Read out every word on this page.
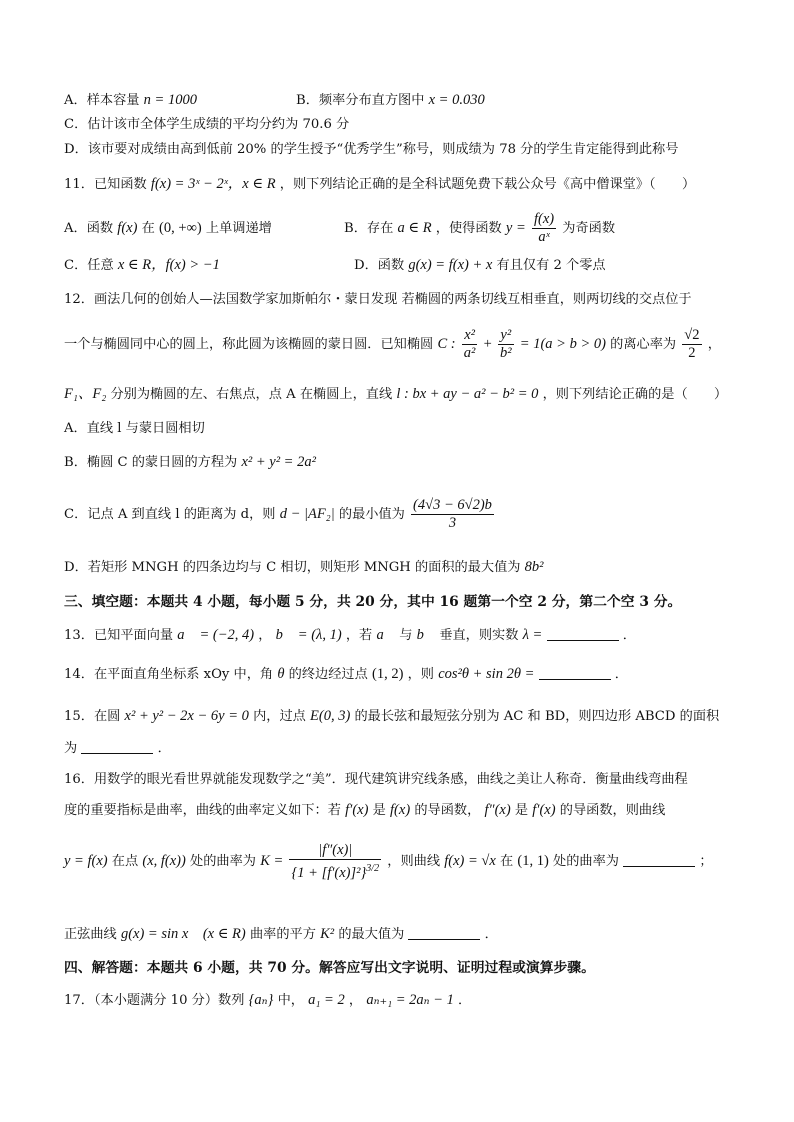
A．样本容量 n = 1000	B．频率分布直方图中 x = 0.030
C．估计该市全体学生成绩的平均分约为 70.6 分
D．该市要对成绩由高到低前 20% 的学生授予“优秀学生”称号，则成绩为 78 分的学生肯定能得到此称号
11．已知函数 f(x) = 3ˣ − 2ˣ，x ∈ R ，则下列结论正确的是全科试题免费下载公众号《高中僧课堂》（　　）
A．函数 f(x) 在 (0, +∞) 上单调递增	B．存在 a ∈ R ，使得函数 $y = \frac{f(x)}{\text{aˣ}}$ 为奇函数
C．任意 x ∈ R，f(x) > −1	D．函数 g(x) = f(x) + x 有且仅有 2 个零点
12．画法几何的创始人—法国数学家加斯帕尔・蒙日发现 若椭圆的两条切线互相垂直，则两切线的交点位于
一个与椭圆同中心的圆上，称此圆为该椭圆的蒙日圆．已知椭圆 C : $\frac{\text{x²}}{\text{a²}} + \frac{\text{y²}}{\text{b²}} = 1(a > b > 0)$ 的离心率为 $\frac{√2}{2}$ ，
F₁、F₂ 分别为椭圆的左、右焦点，点 A 在椭圆上，直线 l : bx + ay − a² − b² = 0 ，则下列结论正确的是（　　）
A．直线 l 与蒙日圆相切
B．椭圆 C 的蒙日圆的方程为 x² + y² = 2a²
C．记点 A 到直线 l 的距离为 d，则 d − |AF₂| 的最小值为 $\frac{(4√3 - 6√2)b}{3}$
D．若矩形 MNGH 的四条边均与 C 相切，则矩形 MNGH 的面积的最大值为 8b²
三、填空题：本题共 4 小题，每小题 5 分，共 20 分，其中 16 题第一个空 2 分，第二个空 3 分。
13．已知平面向量 a⃗ = (−2, 4) ， b⃗ = (λ, 1) ，若 a⃗ 与 b⃗ 垂直，则实数 λ =	．
14．在平面直角坐标系 xOy 中，角 θ 的终边经过点 (1, 2) ，则 cos²θ + sin 2θ =	．
15．在圆 x² + y² − 2x − 6y = 0 内，过点 E(0, 3) 的最长弦和最短弦分别为 AC 和 BD，则四边形 ABCD 的面积
为	．
16．用数学的眼光看世界就能发现数学之“美”．现代建筑讲究线条感，曲线之美让人称奇．衡量曲线弯曲程
度的重要指标是曲率，曲线的曲率定义如下：若 f′(x) 是 f(x) 的导函数， f″(x) 是 f′(x) 的导函数，则曲线
y = f(x) 在点 (x, f(x)) 处的曲率为 $K = \frac{|f''(x)|}{\{1 + [f'(x)]^2\}^{3/2}}$ ，则曲线 f(x) = √x 在 (1, 1) 处的曲率为	；
正弦曲线 g(x) = sin x　(x ∈ R) 曲率的平方 K² 的最大值为	．
四、解答题：本题共 6 小题，共 70 分。解答应写出文字说明、证明过程或演算步骤。
17．（本小题满分 10 分）数列 {aₙ} 中， a₁ = 2 ， aₙ₊₁ = 2aₙ − 1 ．
